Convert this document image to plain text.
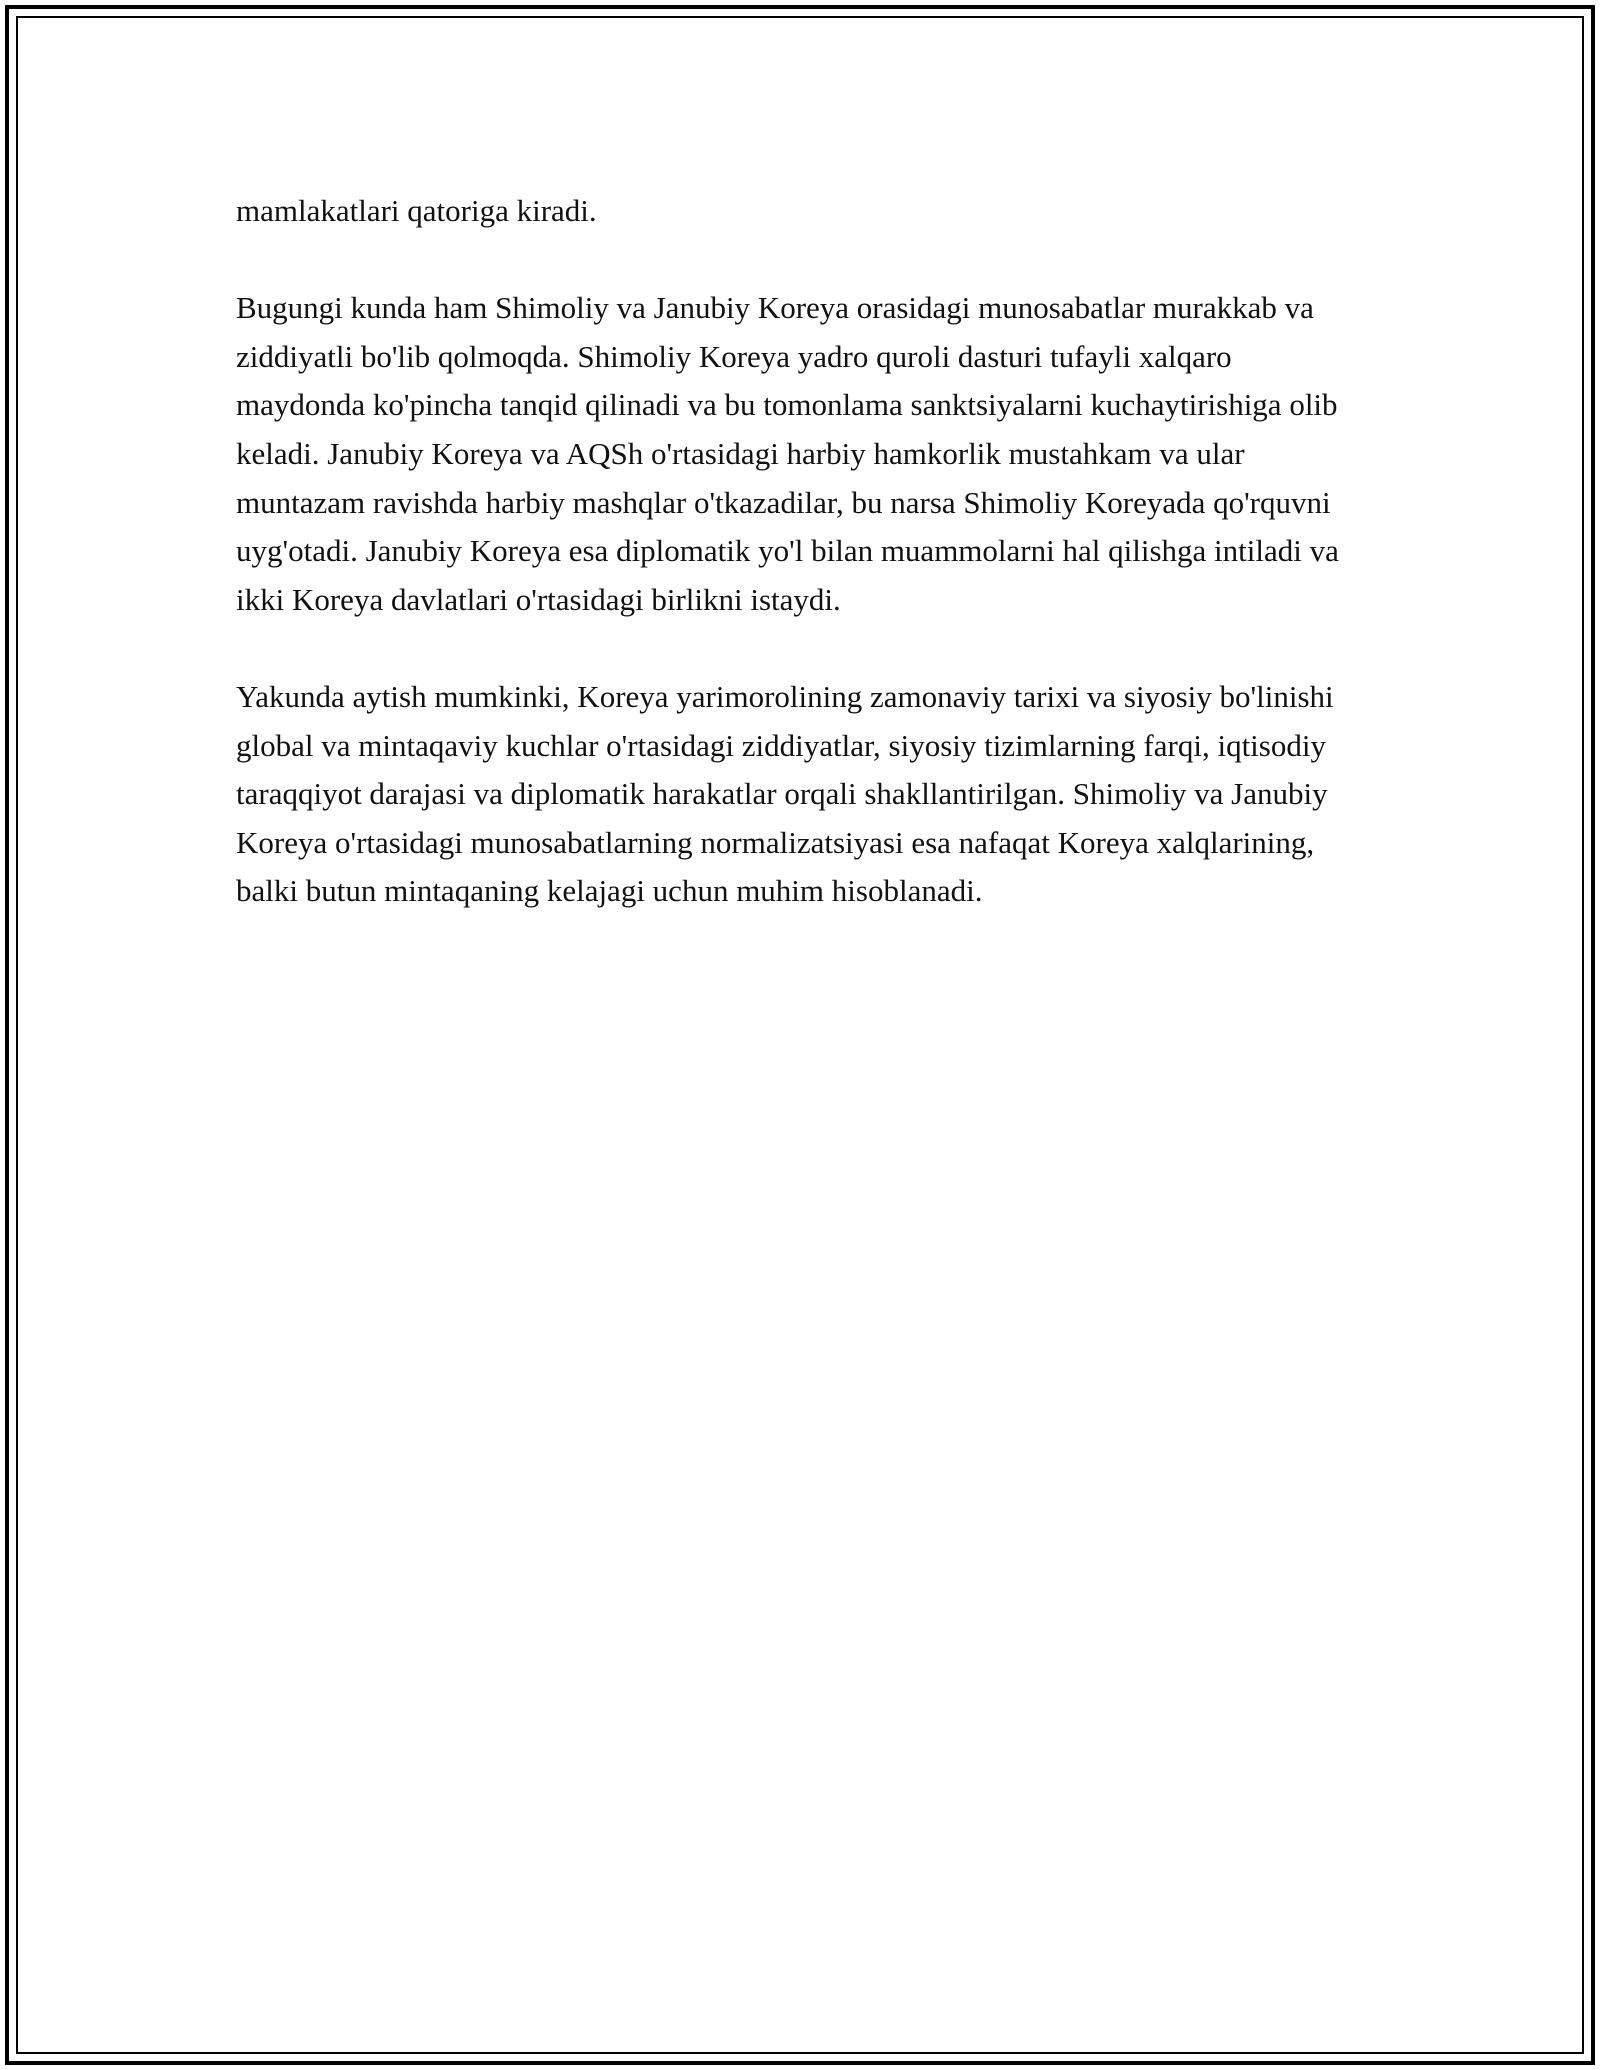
mamlakatlari qatoriga kiradi.

Bugungi kunda ham Shimoliy va Janubiy Koreya orasidagi munosabatlar murakkab va ziddiyatli bo'lib qolmoqda. Shimoliy Koreya yadro quroli dasturi tufayli xalqaro maydonda ko'pincha tanqid qilinadi va bu tomonlama sanktsiyalarni kuchaytirishiga olib keladi. Janubiy Koreya va AQSh o'rtasidagi harbiy hamkorlik mustahkam va ular muntazam ravishda harbiy mashqlar o'tkazadilar, bu narsa Shimoliy Koreyada qo'rquvni uyg'otadi. Janubiy Koreya esa diplomatik yo'l bilan muammolarni hal qilishga intiladi va ikki Koreya davlatlari o'rtasidagi birlikni istaydi.

Yakunda aytish mumkinki, Koreya yarimorolining zamonaviy tarixi va siyosiy bo'linishi global va mintaqaviy kuchlar o'rtasidagi ziddiyatlar, siyosiy tizimlarning farqi, iqtisodiy taraqqiyot darajasi va diplomatik harakatlar orqali shakllantirilgan. Shimoliy va Janubiy Koreya o'rtasidagi munosabatlarning normalizatsiyasi esa nafaqat Koreya xalqlarining, balki butun mintaqaning kelajagi uchun muhim hisoblanadi.
